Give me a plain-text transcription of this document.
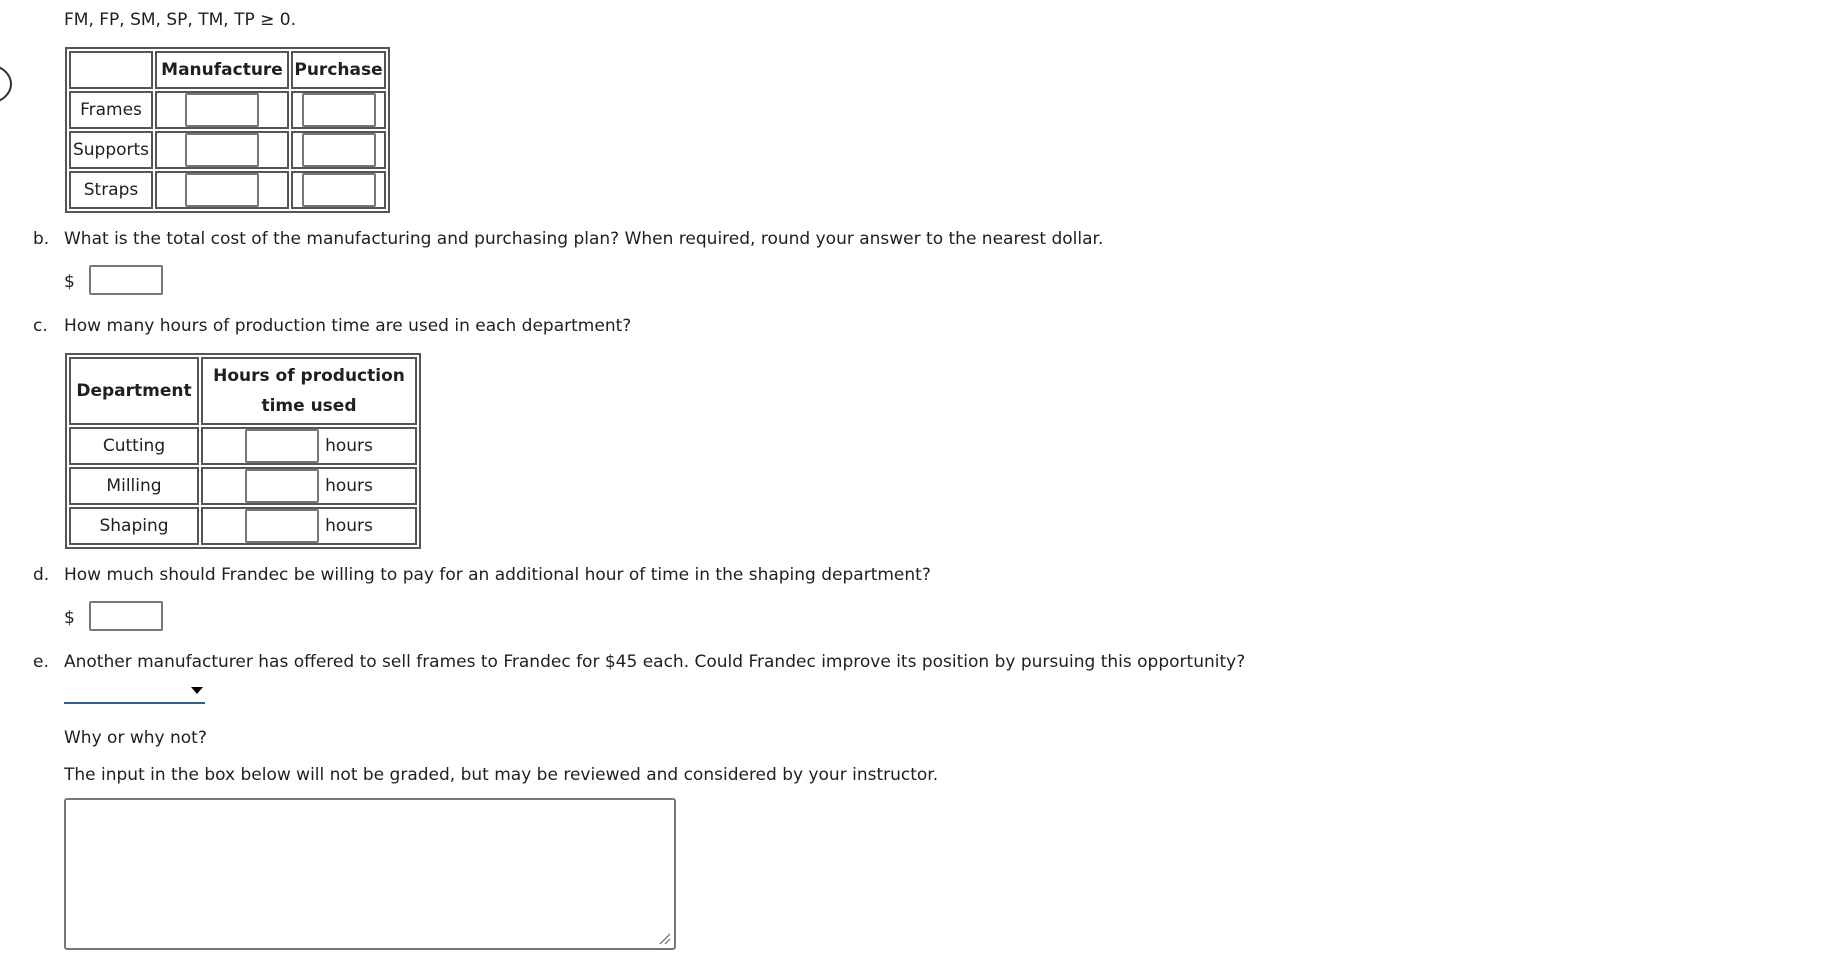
FM, FP, SM, SP, TM, TP ≥ 0.
	Manufacture	Purchase
Frames	

Supports	

Straps	

b. What is the total cost of the manufacturing and purchasing plan? When required, round your answer to the nearest dollar.
$
c. How many hours of production time are used in each department?
Department	Hours of production
time used

Cutting	hours

Milling	hours

Shaping	hours
d. How much should Frandec be willing to pay for an additional hour of time in the shaping department?
$
e. Another manufacturer has offered to sell frames to Frandec for $45 each. Could Frandec improve its position by pursuing this opportunity?
Why or why not?
The input in the box below will not be graded, but may be reviewed and considered by your instructor.
